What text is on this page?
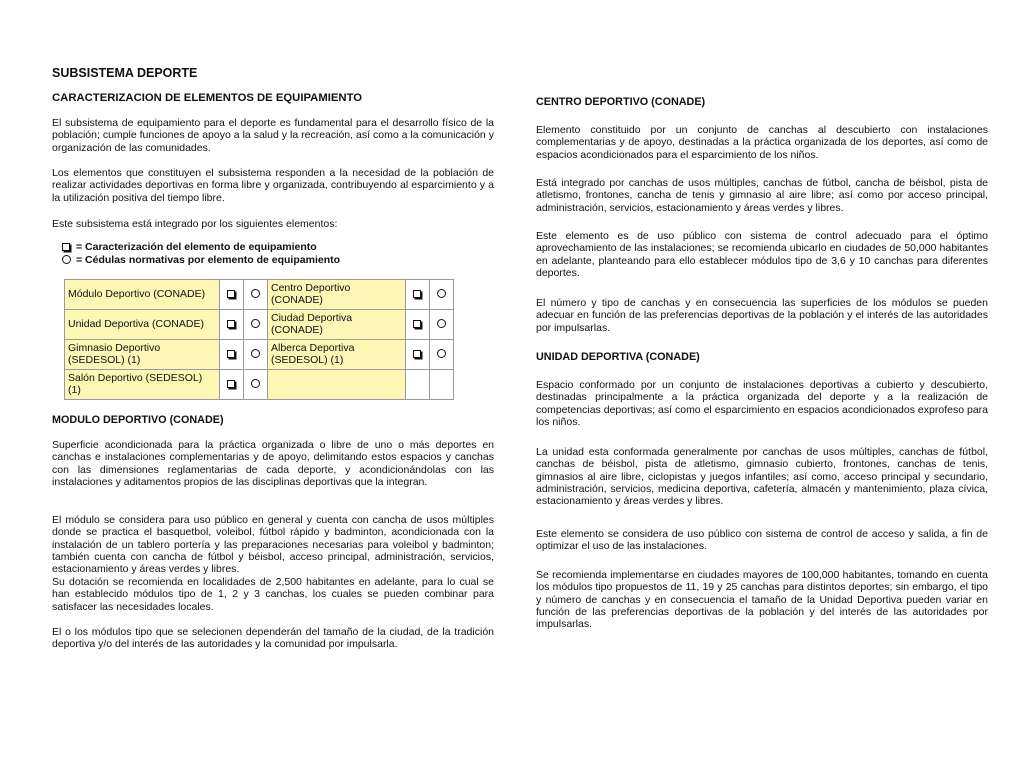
SUBSISTEMA DEPORTE
CARACTERIZACION DE ELEMENTOS DE EQUIPAMIENTO

El subsistema de equipamiento para el deporte es fundamental para el desarrollo físico de la población; cumple funciones de apoyo a la salud y la recreación, así como a la comunicación y organización de las comunidades.

Los elementos que constituyen el subsistema responden a la necesidad de la población de realizar actividades deportivas en forma libre y organizada, contribuyendo al esparcimiento y a la utilización positiva del tiempo libre.

Este subsistema está integrado por los siguientes elementos:

= Caracterización del elemento de equipamiento
= Cédulas normativas por elemento de equipamiento
Módulo Deportivo (CONADE)			Centro Deportivo (CONADE)		
Unidad Deportiva (CONADE)			Ciudad Deportiva (CONADE)		
Gimnasio Deportivo (SEDESOL) (1)			Alberca Deportiva (SEDESOL) (1)		
Salón Deportivo (SEDESOL) (1)					
MODULO DEPORTIVO (CONADE)

Superficie acondicionada para la práctica organizada o libre de uno o más deportes en canchas e instalaciones complementarias y de apoyo, delimitando estos espacios y canchas con las dimensiones reglamentarias de cada deporte, y acondicionándolas con las instalaciones y aditamentos propios de las disciplinas deportivas que la integran.

El módulo se considera para uso público en general y cuenta con cancha de usos múltiples donde se practica el basquetbol, voleibol, fútbol rápido y badminton, acondicionada con la instalación de un tablero portería y las preparaciones necesarias para voleibol y badminton; también cuenta con cancha de fútbol y béisbol, acceso principal, administración, servicios, estacionamiento y áreas verdes y libres.

Su dotación se recomienda en localidades de 2,500 habitantes en adelante, para lo cual se han establecido módulos tipo de 1, 2 y 3 canchas, los cuales se pueden combinar para satisfacer las necesidades locales.

El o los módulos tipo que se selecionen dependerán del tamaño de la ciudad, de la tradición deportiva y/o del interés de las autoridades y la comunidad por impulsarla.

CENTRO DEPORTIVO (CONADE)

Elemento constituido por un conjunto de canchas al descubierto con instalaciones complementarias y de apoyo, destinadas a la práctica organizada de los deportes, así como de espacios acondicionados para el esparcimiento de los niños.

Está integrado por canchas de usos múltiples, canchas de fútbol, cancha de béisbol, pista de atletismo, frontones, cancha de tenis y gimnasio al aire libre; así como por acceso principal, administración, servicios, estacionamiento y áreas verdes y libres.

Este elemento es de uso público con sistema de control adecuado para el óptimo aprovechamiento de las instalaciones; se recomienda ubicarlo en ciudades de 50,000 habitantes en adelante, planteando para ello establecer módulos tipo de 3,6 y 10 canchas para diferentes deportes.

El número y tipo de canchas y en consecuencia las superficies de los módulos se pueden adecuar en función de las preferencias deportivas de la población y el interés de las autoridades por impulsarlas.

UNIDAD DEPORTIVA (CONADE)

Espacio conformado por un conjunto de instalaciones deportivas a cubierto y descubierto, destinadas principalmente a la práctica organizada del deporte y a la realización de competencias deportivas; así como el esparcimiento en espacios acondicionados exprofeso para los niños.

La unidad esta conformada generalmente por canchas de usos múltiples, canchas de fútbol, canchas de béisbol, pista de atletismo, gimnasio cubierto, frontones, canchas de tenis, gimnasios al aire libre, ciclopistas y juegos infantiles; así como, acceso principal y secundario, administración, servicios, medicina deportiva, cafetería, almacén y mantenimiento, plaza cívica, estacionamiento y áreas verdes y libres.

Este elemento se considera de uso público con sistema de control de acceso y salida, a fin de optimizar el uso de las instalaciones.

Se recomienda implementarse en ciudades mayores de 100,000 habitantes, tomando en cuenta los módulos tipo propuestos de 11, 19 y 25 canchas para distintos deportes; sin embargo, el tipo y número de canchas y en consecuencia el tamaño de la Unidad Deportiva pueden variar en función de las preferencias deportivas de la población y del interés de las autoridades por impulsarlas.
